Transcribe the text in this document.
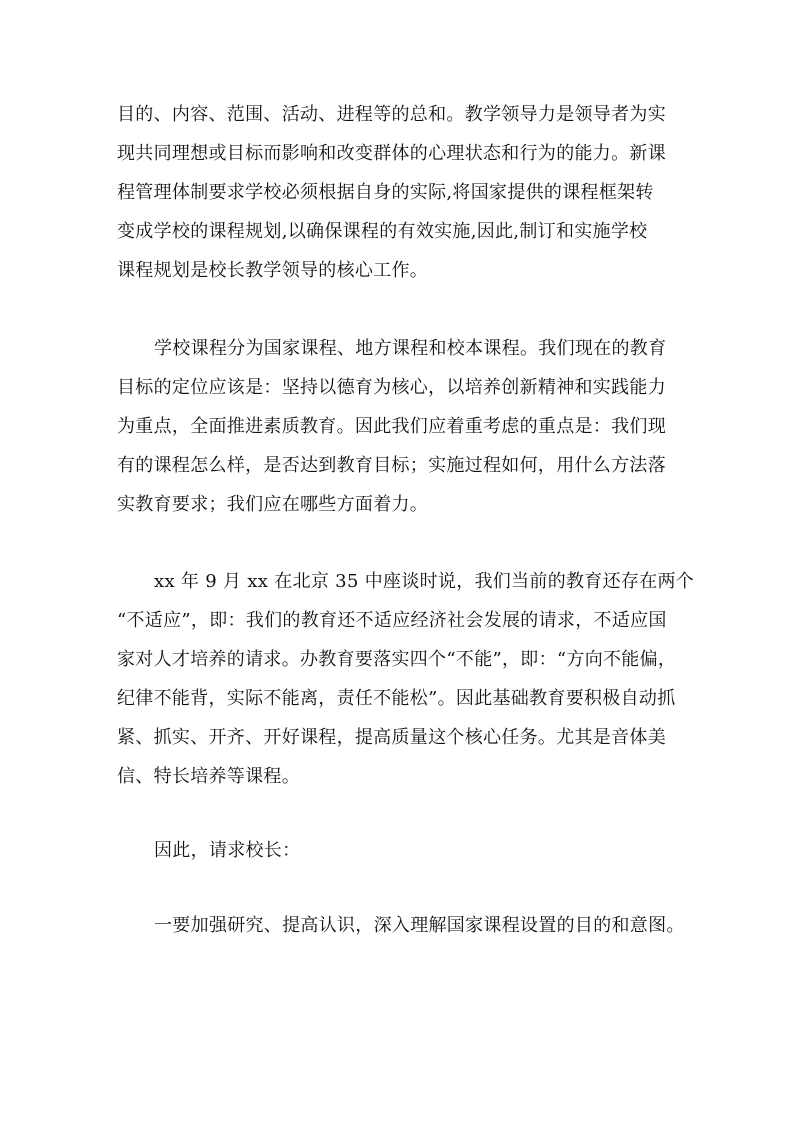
目的、内容、范围、活动、进程等的总和。教学领导力是领导者为实
现共同理想或目标而影响和改变群体的心理状态和行为的能力。新课
程管理体制要求学校必须根据自身的实际,将国家提供的课程框架转
变成学校的课程规划,以确保课程的有效实施,因此,制订和实施学校
课程规划是校长教学领导的核心工作。
学校课程分为国家课程、地方课程和校本课程。我们现在的教育
目标的定位应该是：坚持以德育为核心，以培养创新精神和实践能力
为重点，全面推进素质教育。因此我们应着重考虑的重点是：我们现
有的课程怎么样，是否达到教育目标；实施过程如何，用什么方法落
实教育要求；我们应在哪些方面着力。
xx 年 9 月 xx 在北京 35 中座谈时说，我们当前的教育还存在两个
“不适应”，即：我们的教育还不适应经济社会发展的请求，不适应国
家对人才培养的请求。办教育要落实四个“不能”，即：“方向不能偏，
纪律不能背，实际不能离，责任不能松”。因此基础教育要积极自动抓
紧、抓实、开齐、开好课程，提高质量这个核心任务。尤其是音体美
信、特长培养等课程。
因此，请求校长：
一要加强研究、提高认识，深入理解国家课程设置的目的和意图。
